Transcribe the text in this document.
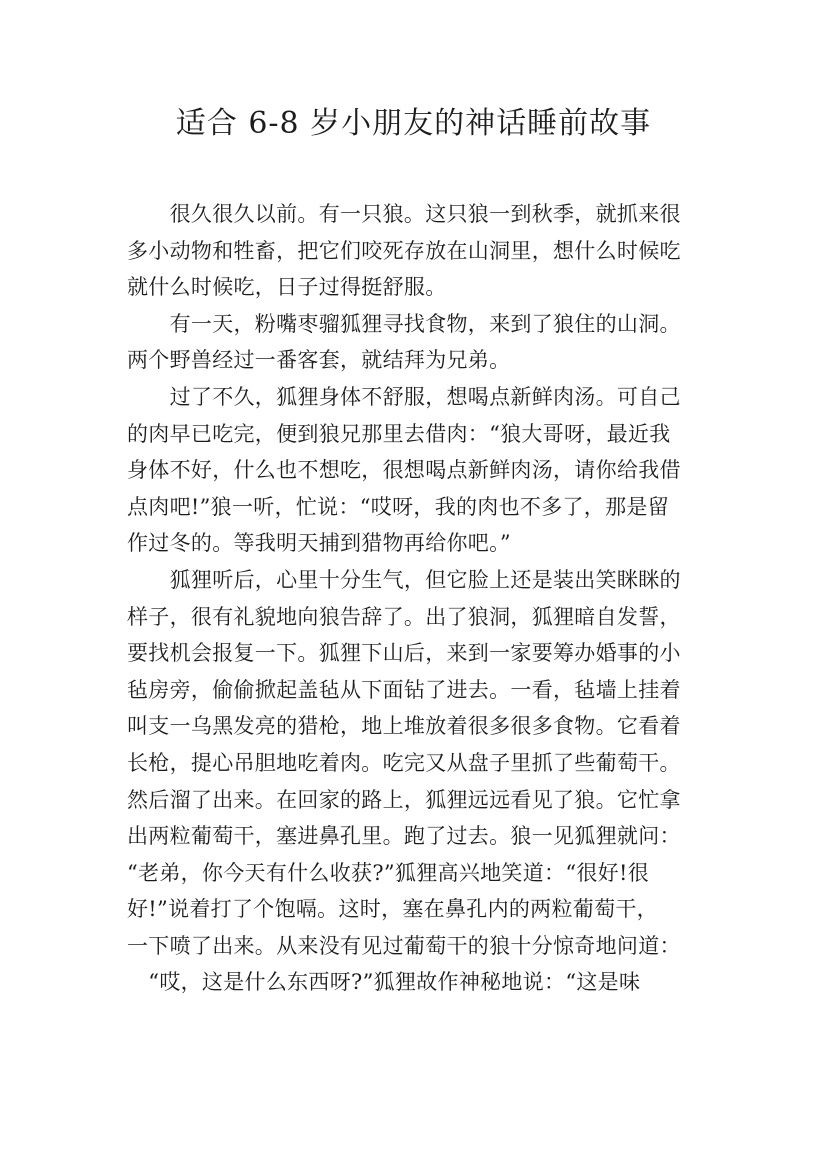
适合 6-8 岁小朋友的神话睡前故事
　　很久很久以前。有一只狼。这只狼一到秋季，就抓来很
多小动物和牲畜，把它们咬死存放在山洞里，想什么时候吃
就什么时候吃，日子过得挺舒服。
　　有一天，粉嘴枣骝狐狸寻找食物，来到了狼住的山洞。
两个野兽经过一番客套，就结拜为兄弟。
　　过了不久，狐狸身体不舒服，想喝点新鲜肉汤。可自己
的肉早已吃完，便到狼兄那里去借肉：“狼大哥呀，最近我
身体不好，什么也不想吃，很想喝点新鲜肉汤，请你给我借
点肉吧!”狼一听，忙说：“哎呀，我的肉也不多了，那是留
作过冬的。等我明天捕到猎物再给你吧。”
　　狐狸听后，心里十分生气，但它脸上还是装出笑眯眯的
样子，很有礼貌地向狼告辞了。出了狼洞，狐狸暗自发誓，
要找机会报复一下。狐狸下山后，来到一家要筹办婚事的小
毡房旁，偷偷掀起盖毡从下面钻了进去。一看，毡墙上挂着
叫支一乌黑发亮的猎枪，地上堆放着很多很多食物。它看着
长枪，提心吊胆地吃着肉。吃完又从盘子里抓了些葡萄干。
然后溜了出来。在回家的路上，狐狸远远看见了狼。它忙拿
出两粒葡萄干，塞进鼻孔里。跑了过去。狼一见狐狸就问：
“老弟，你今天有什么收获?”狐狸高兴地笑道：“很好!很
好!”说着打了个饱嗝。这时，塞在鼻孔内的两粒葡萄干，
一下喷了出来。从来没有见过葡萄干的狼十分惊奇地问道：
　“哎，这是什么东西呀?”狐狸故作神秘地说：“这是味
